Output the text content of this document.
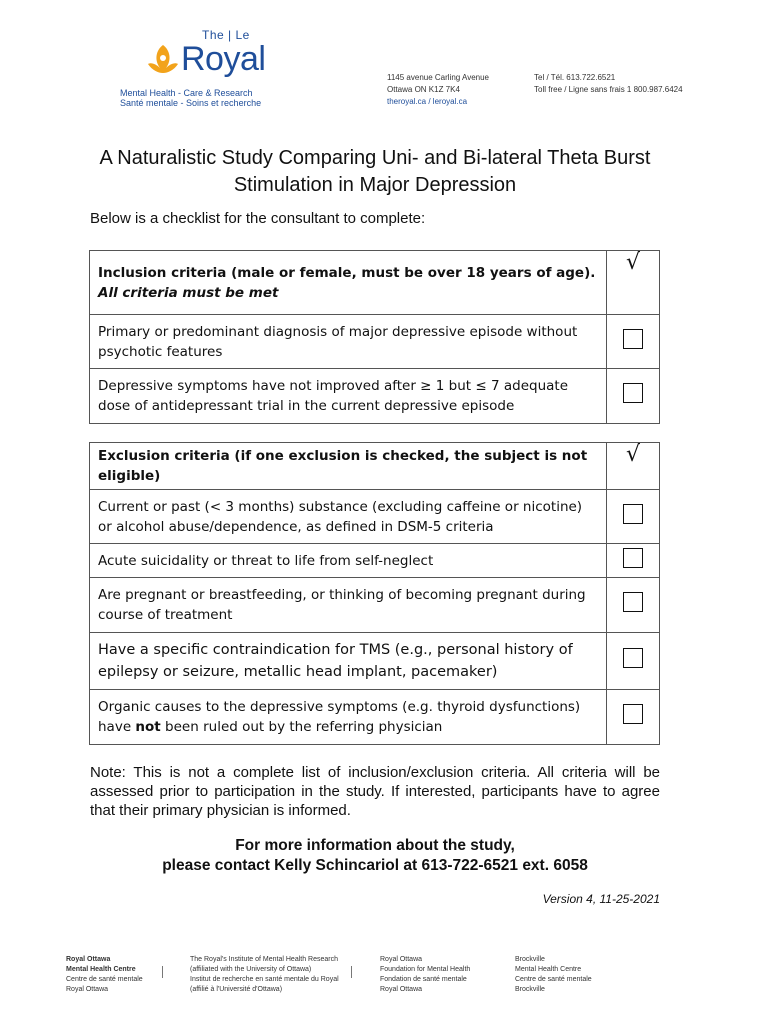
The | Le
Royal
Mental Health - Care & Research
Santé mentale - Soins et recherche
1145 avenue Carling Avenue
Ottawa ON K1Z 7K4
theroyal.ca / leroyal.ca
Tel / Tél. 613.722.6521
Toll free / Ligne sans frais 1 800.987.6424
A Naturalistic Study Comparing Uni- and Bi-lateral Theta Burst
Stimulation in Major Depression
Below is a checklist for the consultant to complete:
Inclusion criteria (male or female, must be over 18 years of age).
All criteria must be met	√
Primary or predominant diagnosis of major depressive episode without psychotic features	
Depressive symptoms have not improved after ≥ 1 but ≤ 7 adequate dose of antidepressant trial in the current depressive episode	
Exclusion criteria (if one exclusion is checked, the subject is not eligible)	√
Current or past (< 3 months) substance (excluding caffeine or nicotine) or alcohol abuse/dependence, as defined in DSM-5 criteria	
Acute suicidality or threat to life from self-neglect	
Are pregnant or breastfeeding, or thinking of becoming pregnant during course of treatment	
Have a specific contraindication for TMS (e.g., personal history of epilepsy or seizure, metallic head implant, pacemaker)	
Organic causes to the depressive symptoms (e.g. thyroid dysfunctions) have not been ruled out by the referring physician	
Note: This is not a complete list of inclusion/exclusion criteria. All criteria will be assessed prior to participation in the study. If interested, participants have to agree that their primary physician is informed.
For more information about the study,
please contact Kelly Schincariol at 613-722-6521 ext. 6058
Version 4, 11-25-2021
Royal Ottawa
Mental Health Centre
Centre de santé mentale
Royal Ottawa
The Royal's Institute of Mental Health Research
(affiliated with the University of Ottawa)
Institut de recherche en santé mentale du Royal
(affilié à l'Université d'Ottawa)
Royal Ottawa
Foundation for Mental Health
Fondation de santé mentale
Royal Ottawa
Brockville
Mental Health Centre
Centre de santé mentale
Brockville
